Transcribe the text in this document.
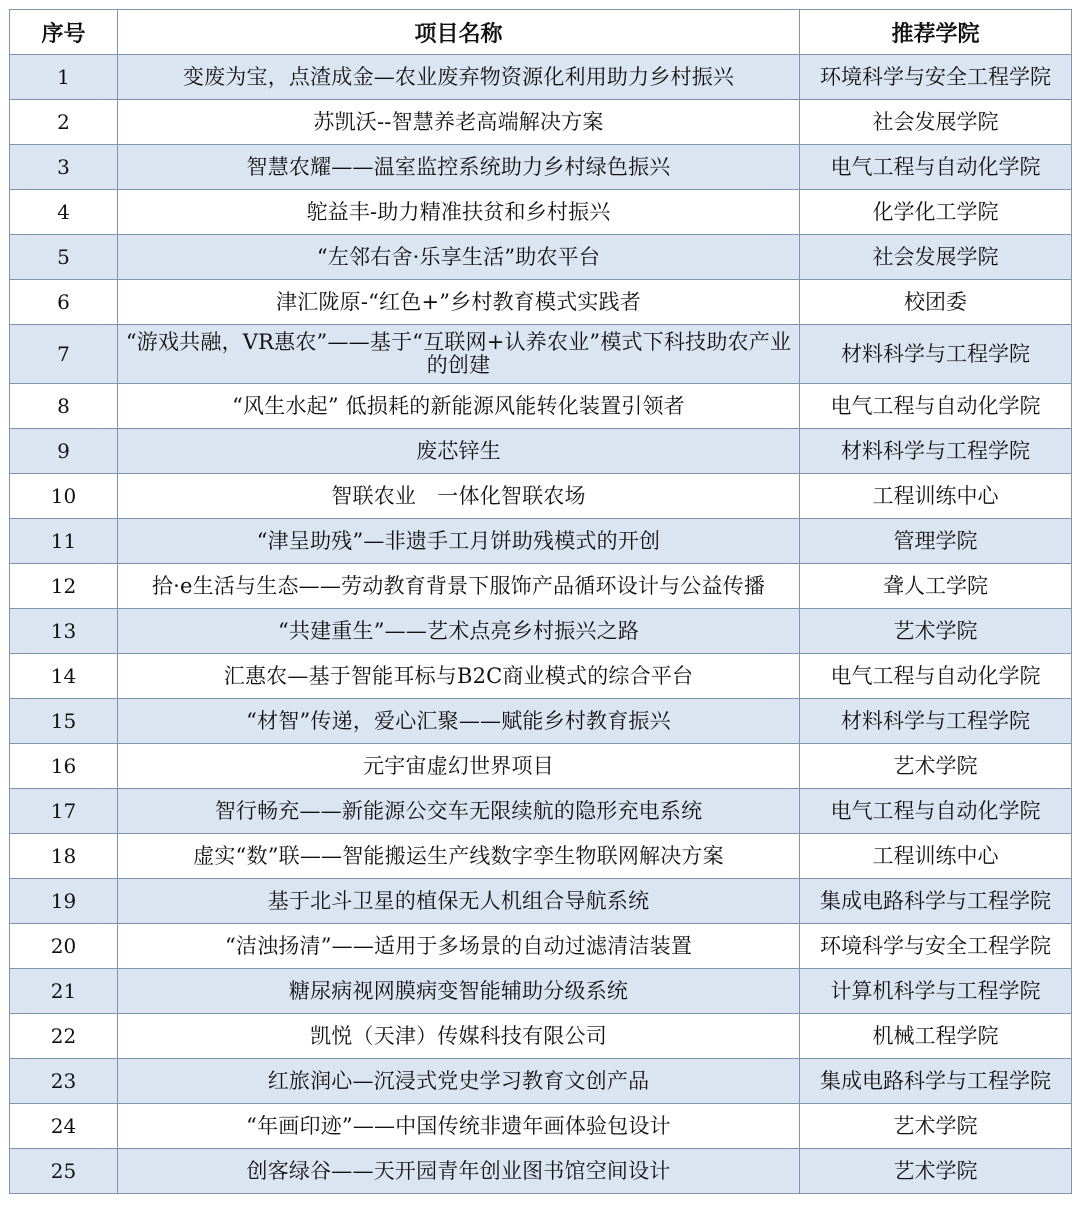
序号	项目名称	推荐学院
1	变废为宝，点渣成金—农业废弃物资源化利用助力乡村振兴	环境科学与安全工程学院
2	苏凯沃--智慧养老高端解决方案	社会发展学院
3	智慧农耀——温室监控系统助力乡村绿色振兴	电气工程与自动化学院
4	鸵益丰-助力精准扶贫和乡村振兴	化学化工学院
5	“左邻右舍·乐享生活”助农平台	社会发展学院
6	津汇陇原-“红色+”乡村教育模式实践者	校团委
7	“游戏共融，VR惠农”——基于“互联网+认养农业”模式下科技助农产业的创建	材料科学与工程学院
8	“风生水起” 低损耗的新能源风能转化装置引领者	电气工程与自动化学院
9	废芯锌生	材料科学与工程学院
10	智联农业　一体化智联农场	工程训练中心
11	“津呈助残”—非遗手工月饼助残模式的开创	管理学院
12	拾·e生活与生态——劳动教育背景下服饰产品循环设计与公益传播	聋人工学院
13	“共建重生”——艺术点亮乡村振兴之路	艺术学院
14	汇惠农—基于智能耳标与B2C商业模式的综合平台	电气工程与自动化学院
15	“材智”传递，爱心汇聚——赋能乡村教育振兴	材料科学与工程学院
16	元宇宙虚幻世界项目	艺术学院
17	智行畅充——新能源公交车无限续航的隐形充电系统	电气工程与自动化学院
18	虚实“数”联——智能搬运生产线数字孪生物联网解决方案	工程训练中心
19	基于北斗卫星的植保无人机组合导航系统	集成电路科学与工程学院
20	“洁浊扬清”——适用于多场景的自动过滤清洁装置	环境科学与安全工程学院
21	糖尿病视网膜病变智能辅助分级系统	计算机科学与工程学院
22	凯悦（天津）传媒科技有限公司	机械工程学院
23	红旅润心—沉浸式党史学习教育文创产品	集成电路科学与工程学院
24	“年画印迹”——中国传统非遗年画体验包设计	艺术学院
25	创客绿谷——天开园青年创业图书馆空间设计	艺术学院
